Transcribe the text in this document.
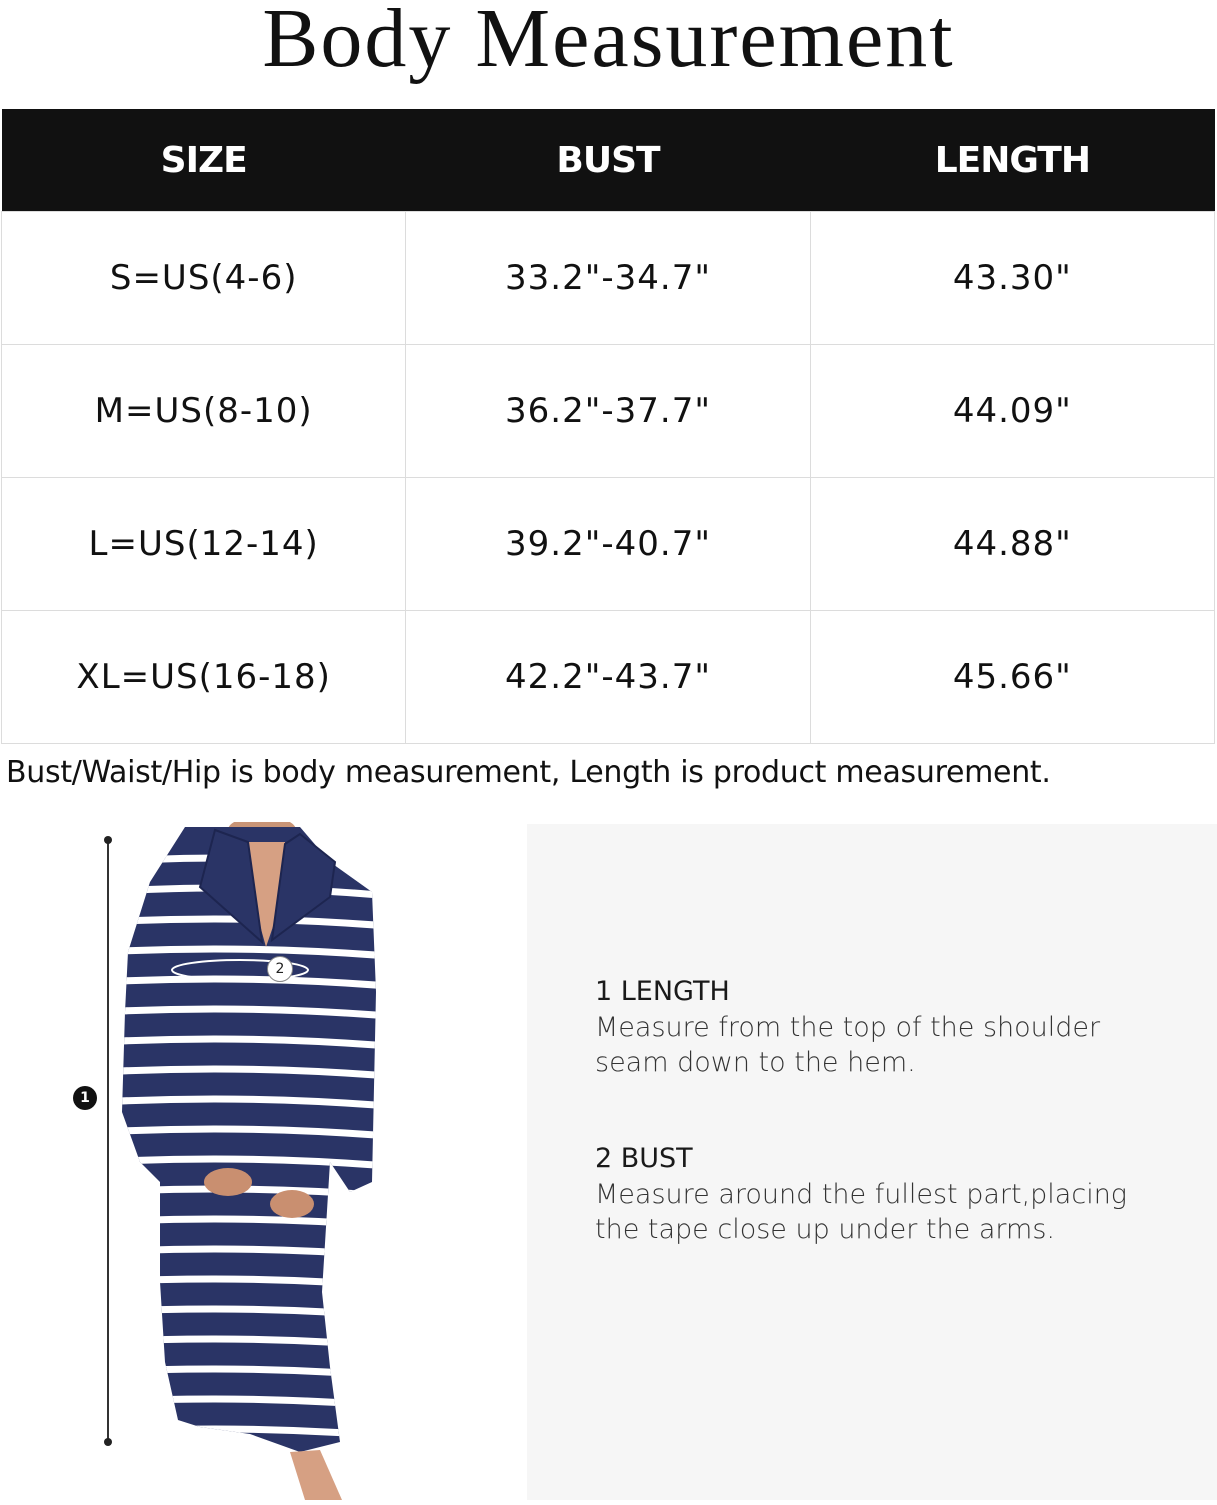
Body Measurement
SIZE	BUST	LENGTH
S=US(4-6)	33.2"-34.7"	43.30"
M=US(8-10)	36.2"-37.7"	44.09"
L=US(12-14)	39.2"-40.7"	44.88"
XL=US(16-18)	42.2"-43.7"	45.66"
Bust/Waist/Hip is body measurement, Length is product measurement.
1
2
1 LENGTH
Measure from the top of the shoulder
seam down to the hem.
2 BUST
Measure around the fullest part,placing
the tape close up under the arms.
